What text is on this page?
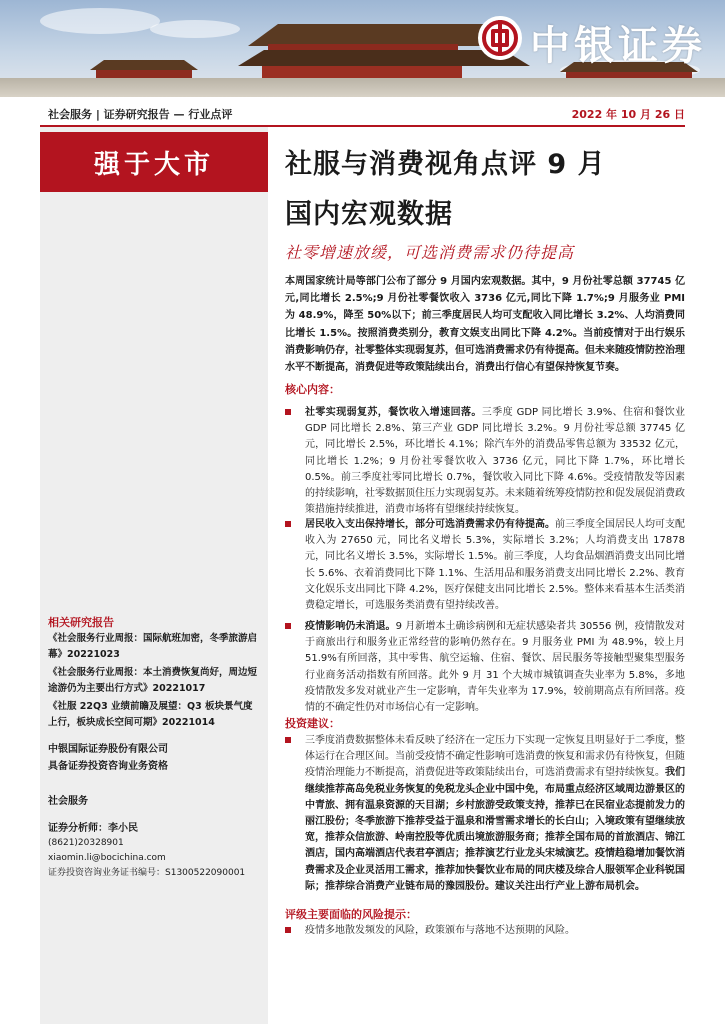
中银证券
社会服务 | 证券研究报告 — 行业点评	2022 年 10 月 26 日
强于大市
相关研究报告
《社会服务行业周报：国际航班加密，冬季旅游启幕》20221023
《社会服务行业周报：本土消费恢复尚好，周边短途游仍为主要出行方式》20221017
《社服 22Q3 业绩前瞻及展望：Q3 板块景气度上行，板块成长空间可期》20221014
中银国际证券股份有限公司
具备证券投资咨询业务资格
社会服务
证券分析师：李小民
(8621)20328901
xiaomin.li@bocichina.com
证券投资咨询业务证书编号：S1300522090001
社服与消费视角点评 9 月
国内宏观数据
社零增速放缓，可选消费需求仍待提高
本周国家统计局等部门公布了部分 9 月国内宏观数据。其中，9 月份社零总额 37745 亿元,同比增长 2.5%;9 月份社零餐饮收入 3736 亿元,同比下降 1.7%;9 月服务业 PMI 为 48.9%，降至 50%以下；前三季度居民人均可支配收入同比增长 3.2%、人均消费同比增长 1.5%。按照消费类别分，教育文娱支出同比下降 4.2%。当前疫情对于出行娱乐消费影响仍存，社零整体实现弱复苏，但可选消费需求仍有待提高。但未来随疫情防控治理水平不断提高，消费促进等政策陆续出台，消费出行信心有望保持恢复节奏。
核心内容：
社零实现弱复苏，餐饮收入增速回落。三季度 GDP 同比增长 3.9%、住宿和餐饮业 GDP 同比增长 2.8%、第三产业 GDP 同比增长 3.2%。9 月份社零总额 37745 亿元，同比增长 2.5%，环比增长 4.1%；除汽车外的消费品零售总额为 33532 亿元，同比增长 1.2%；9 月份社零餐饮收入 3736 亿元，同比下降 1.7%，环比增长 0.5%。前三季度社零同比增长 0.7%，餐饮收入同比下降 4.6%。受疫情散发等因素的持续影响，社零数据顶住压力实现弱复苏。未来随着统筹疫情防控和促发展促消费政策措施持续推进，消费市场将有望继续持续恢复。
居民收入支出保持增长，部分可选消费需求仍有待提高。前三季度全国居民人均可支配收入为 27650 元，同比名义增长 5.3%，实际增长 3.2%；人均消费支出 17878 元，同比名义增长 3.5%，实际增长 1.5%。前三季度，人均食品烟酒消费支出同比增长 5.6%、衣着消费同比下降 1.1%、生活用品和服务消费支出同比增长 2.2%、教育文化娱乐支出同比下降 4.2%，医疗保健支出同比增长 2.5%。整体来看基本生活类消费稳定增长，可选服务类消费有望持续改善。
疫情影响仍未消退。9 月新增本土确诊病例和无症状感染者共 30556 例，疫情散发对于商旅出行和服务业正常经营的影响仍然存在。9 月服务业 PMI 为 48.9%，较上月 51.9%有所回落，其中零售、航空运输、住宿、餐饮、居民服务等接触型聚集型服务行业商务活动指数有所回落。此外 9 月 31 个大城市城镇调查失业率为 5.8%，多地疫情散发多发对就业产生一定影响，青年失业率为 17.9%，较前期高点有所回落。疫情的不确定性仍对市场信心有一定影响。
投资建议：
三季度消费数据整体未看反映了经济在一定压力下实现一定恢复且明显好于二季度，整体运行在合理区间。当前受疫情不确定性影响可选消费的恢复和需求仍有待恢复，但随疫情治理能力不断提高，消费促进等政策陆续出台，可选消费需求有望持续恢复。我们继续推荐高岛免税业务恢复的免税龙头企业中国中免，布局重点经济区域周边游景区的中青旅、拥有温泉资源的天目湖；乡村旅游受政策支持，推荐已在民宿业态提前发力的丽江股份；冬季旅游下推荐受益于温泉和滑雪需求增长的长白山；入境政策有望继续放宽，推荐众信旅游、岭南控股等优质出境旅游服务商；推荐全国布局的首旅酒店、锦江酒店，国内高端酒店代表君亭酒店；推荐演艺行业龙头宋城演艺。疫情趋稳增加餐饮消费需求及企业灵活用工需求，推荐加快餐饮业布局的同庆楼及综合人服领军企业科锐国际；推荐综合消费产业链布局的豫园股份。建议关注出行产业上游布局机会。
评级主要面临的风险提示：
疫情多地散发频发的风险，政策颁布与落地不达预期的风险。
